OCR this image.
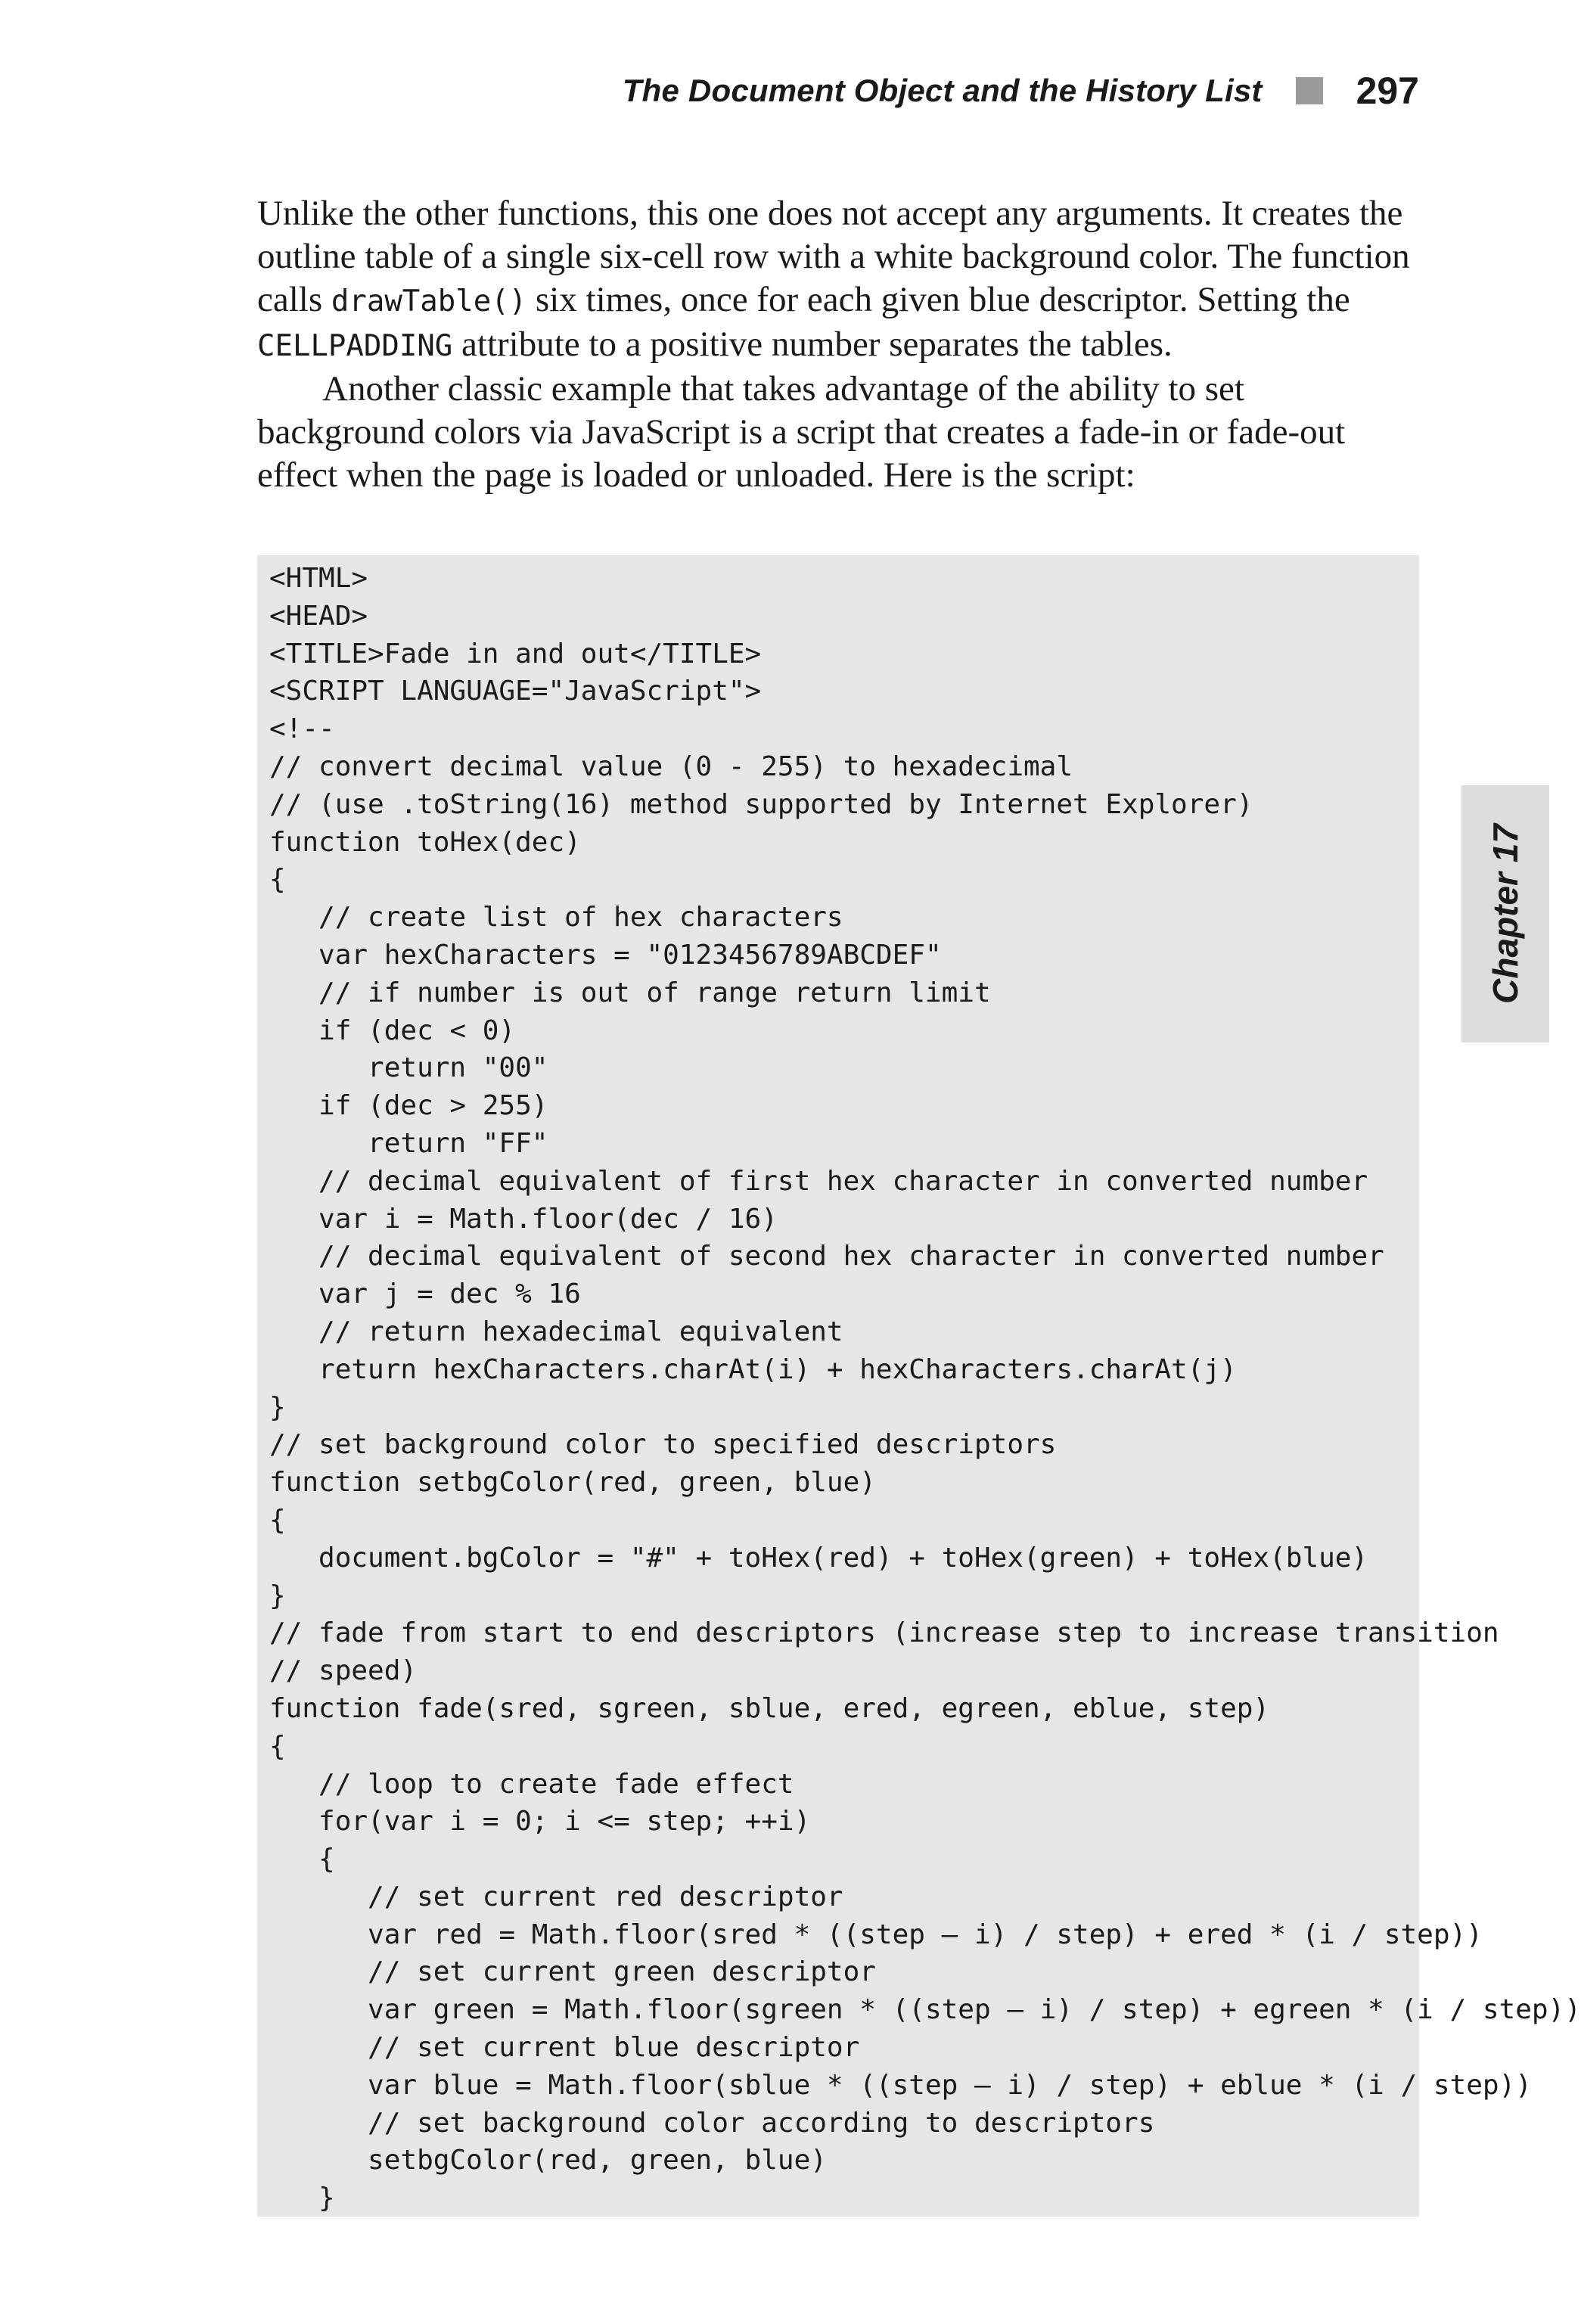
The Document Object and the History List 297

Unlike the other functions, this one does not accept any arguments. It creates the outline table of a single six-cell row with a white background color. The function calls drawTable() six times, once for each given blue descriptor. Setting the CELLPADDING attribute to a positive number separates the tables.

Another classic example that takes advantage of the ability to set background colors via JavaScript is a script that creates a fade-in or fade-out effect when the page is loaded or unloaded. Here is the script:

<HTML>
<HEAD>
<TITLE>Fade in and out</TITLE>
<SCRIPT LANGUAGE="JavaScript">
<!--
// convert decimal value (0 - 255) to hexadecimal
// (use .toString(16) method supported by Internet Explorer)
function toHex(dec)
{
// create list of hex characters
var hexCharacters = "0123456789ABCDEF"
// if number is out of range return limit
if (dec < 0)
return "00"
if (dec > 255)
return "FF"
// decimal equivalent of first hex character in converted number
var i = Math.floor(dec / 16)
// decimal equivalent of second hex character in converted number
var j = dec % 16
// return hexadecimal equivalent
return hexCharacters.charAt(i) + hexCharacters.charAt(j)
}
// set background color to specified descriptors
function setbgColor(red, green, blue)
{
document.bgColor = "#" + toHex(red) + toHex(green) + toHex(blue)
}
// fade from start to end descriptors (increase step to increase transition
// speed)
function fade(sred, sgreen, sblue, ered, egreen, eblue, step)
{
// loop to create fade effect
for(var i = 0; i <= step; ++i)
{
// set current red descriptor
var red = Math.floor(sred * ((step – i) / step) + ered * (i / step))
// set current green descriptor
var green = Math.floor(sgreen * ((step – i) / step) + egreen * (i / step))
// set current blue descriptor
var blue = Math.floor(sblue * ((step – i) / step) + eblue * (i / step))
// set background color according to descriptors
setbgColor(red, green, blue)
}
Chapter 17
